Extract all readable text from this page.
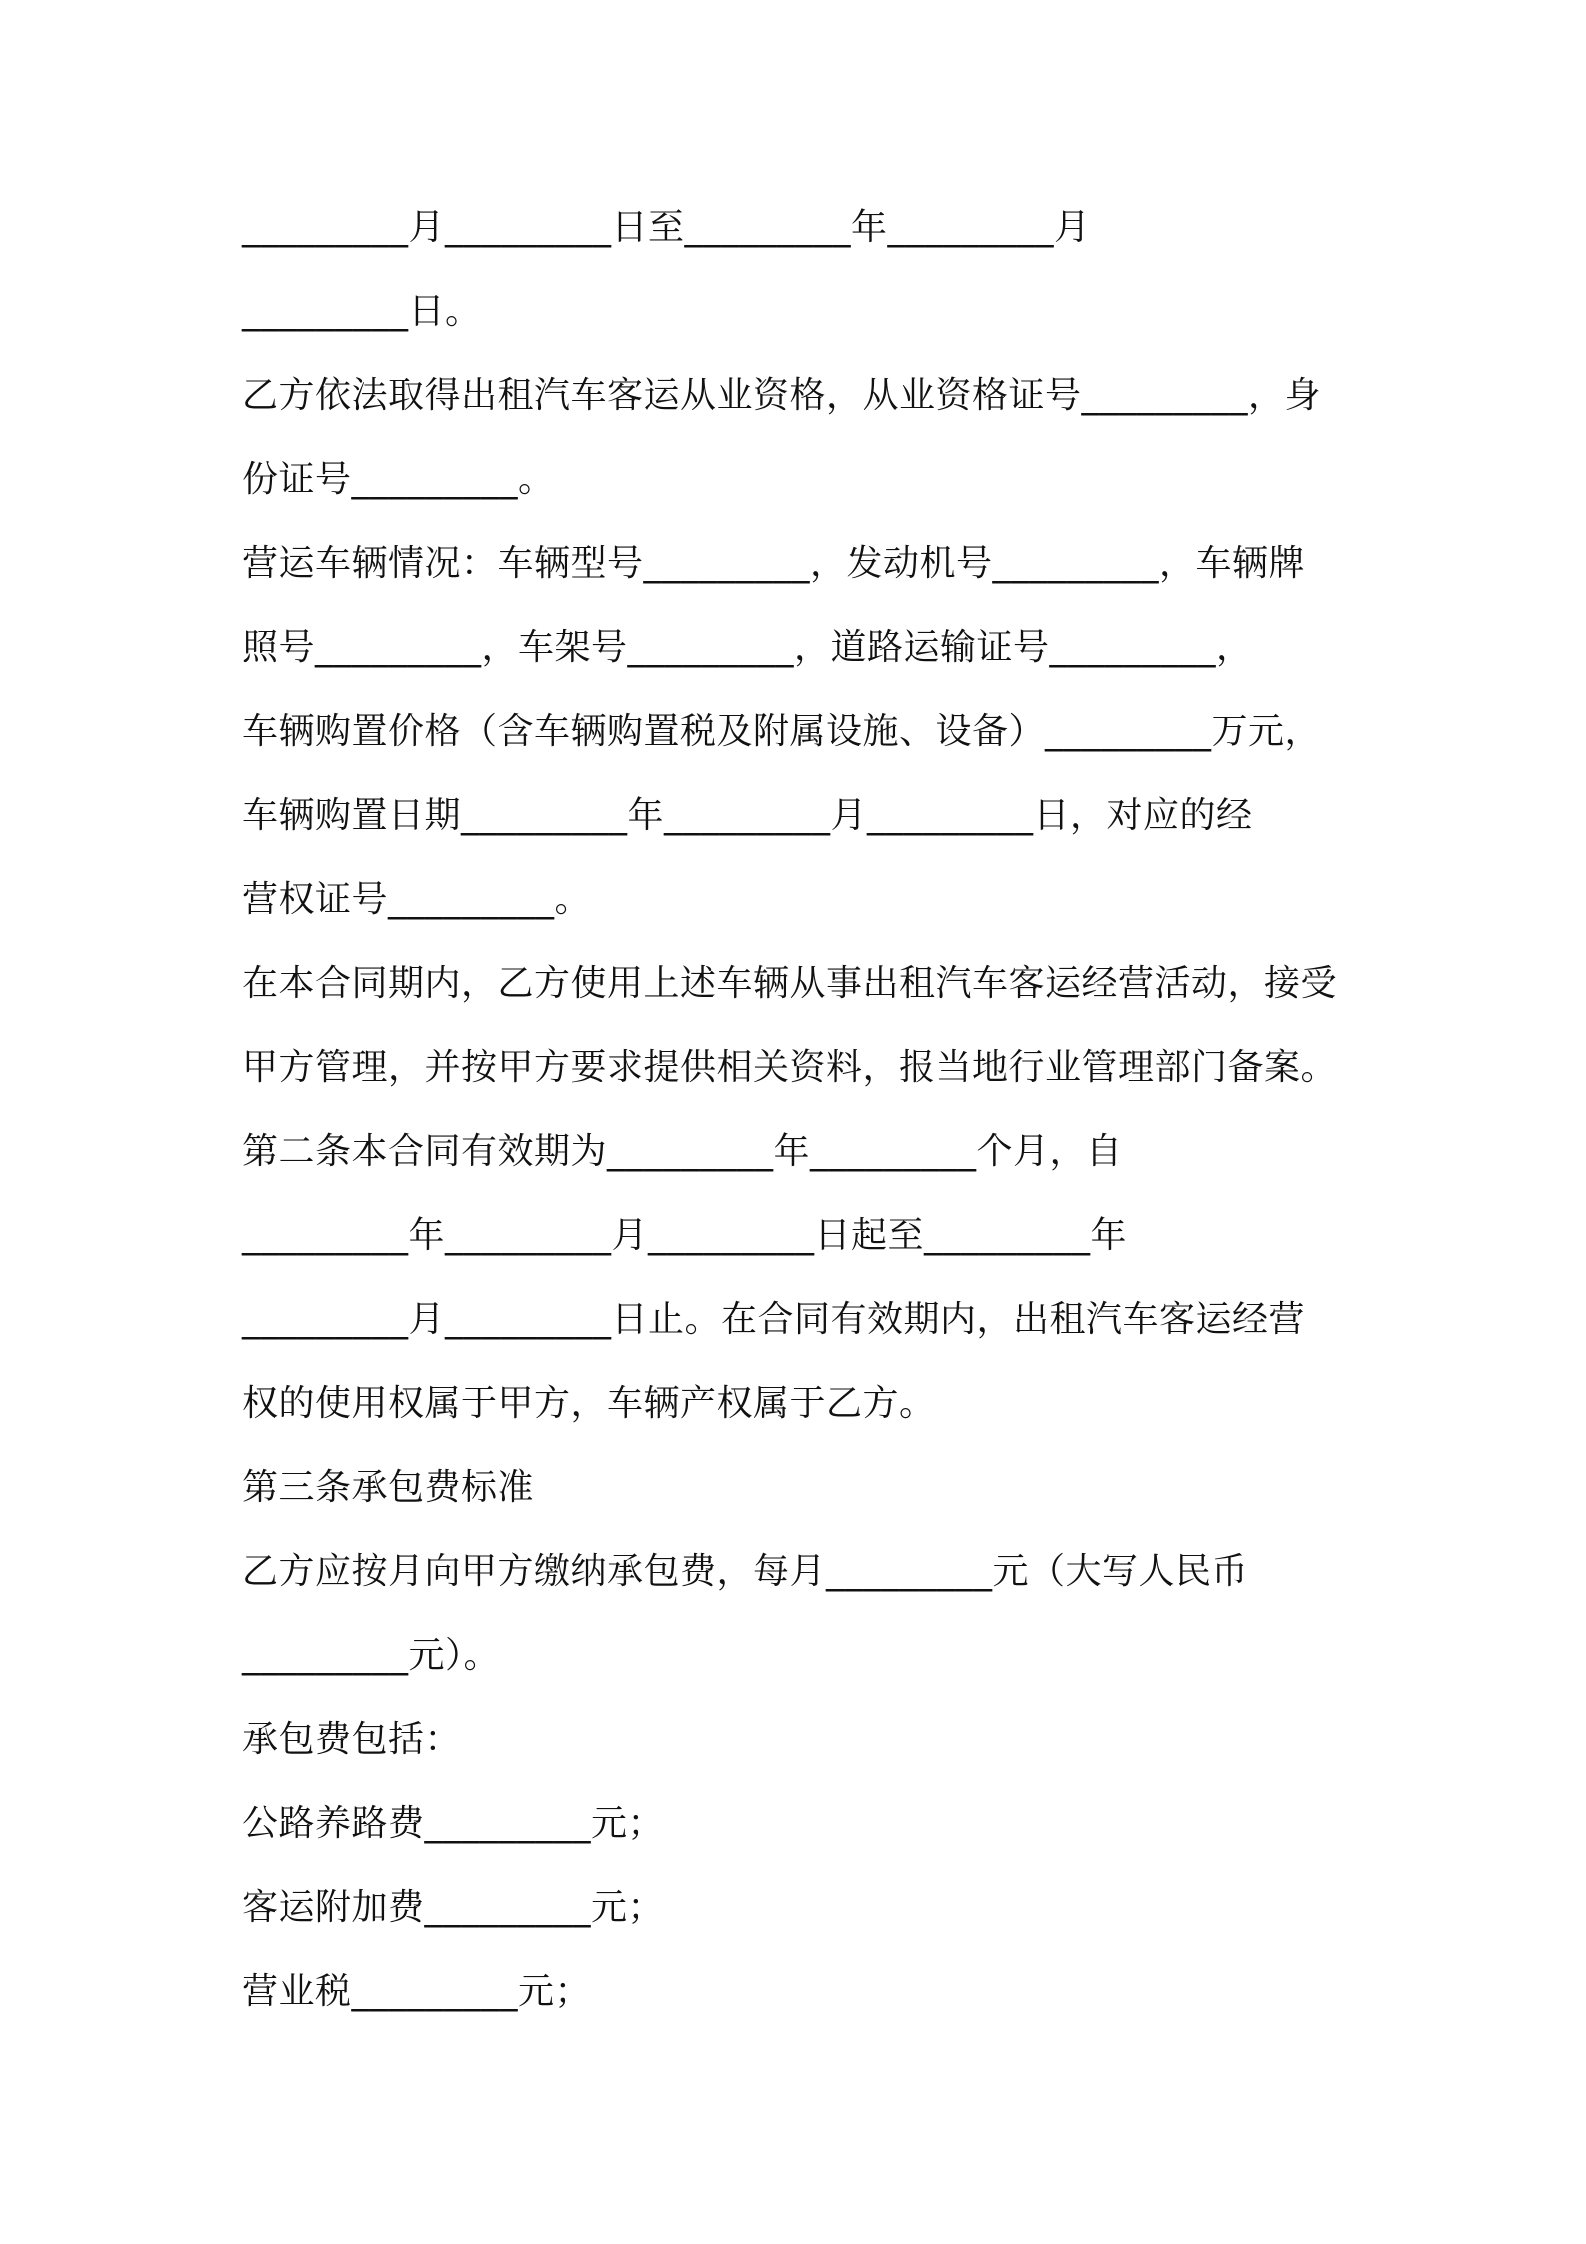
_________月_________日至_________年_________月
_________日。
乙方依法取得出租汽车客运从业资格，从业资格证号_________，身
份证号_________。
营运车辆情况：车辆型号_________，发动机号_________，车辆牌
照号_________，车架号_________，道路运输证号_________，
车辆购置价格（含车辆购置税及附属设施、设备）_________万元，
车辆购置日期_________年_________月_________日，对应的经
营权证号_________。
在本合同期内，乙方使用上述车辆从事出租汽车客运经营活动，接受
甲方管理，并按甲方要求提供相关资料，报当地行业管理部门备案。
第二条本合同有效期为_________年_________个月，自
_________年_________月_________日起至_________年
_________月_________日止。在合同有效期内，出租汽车客运经营
权的使用权属于甲方，车辆产权属于乙方。
第三条承包费标准
乙方应按月向甲方缴纳承包费，每月_________元（大写人民币
_________元）。
承包费包括：
公路养路费_________元；
客运附加费_________元；
营业税_________元；
